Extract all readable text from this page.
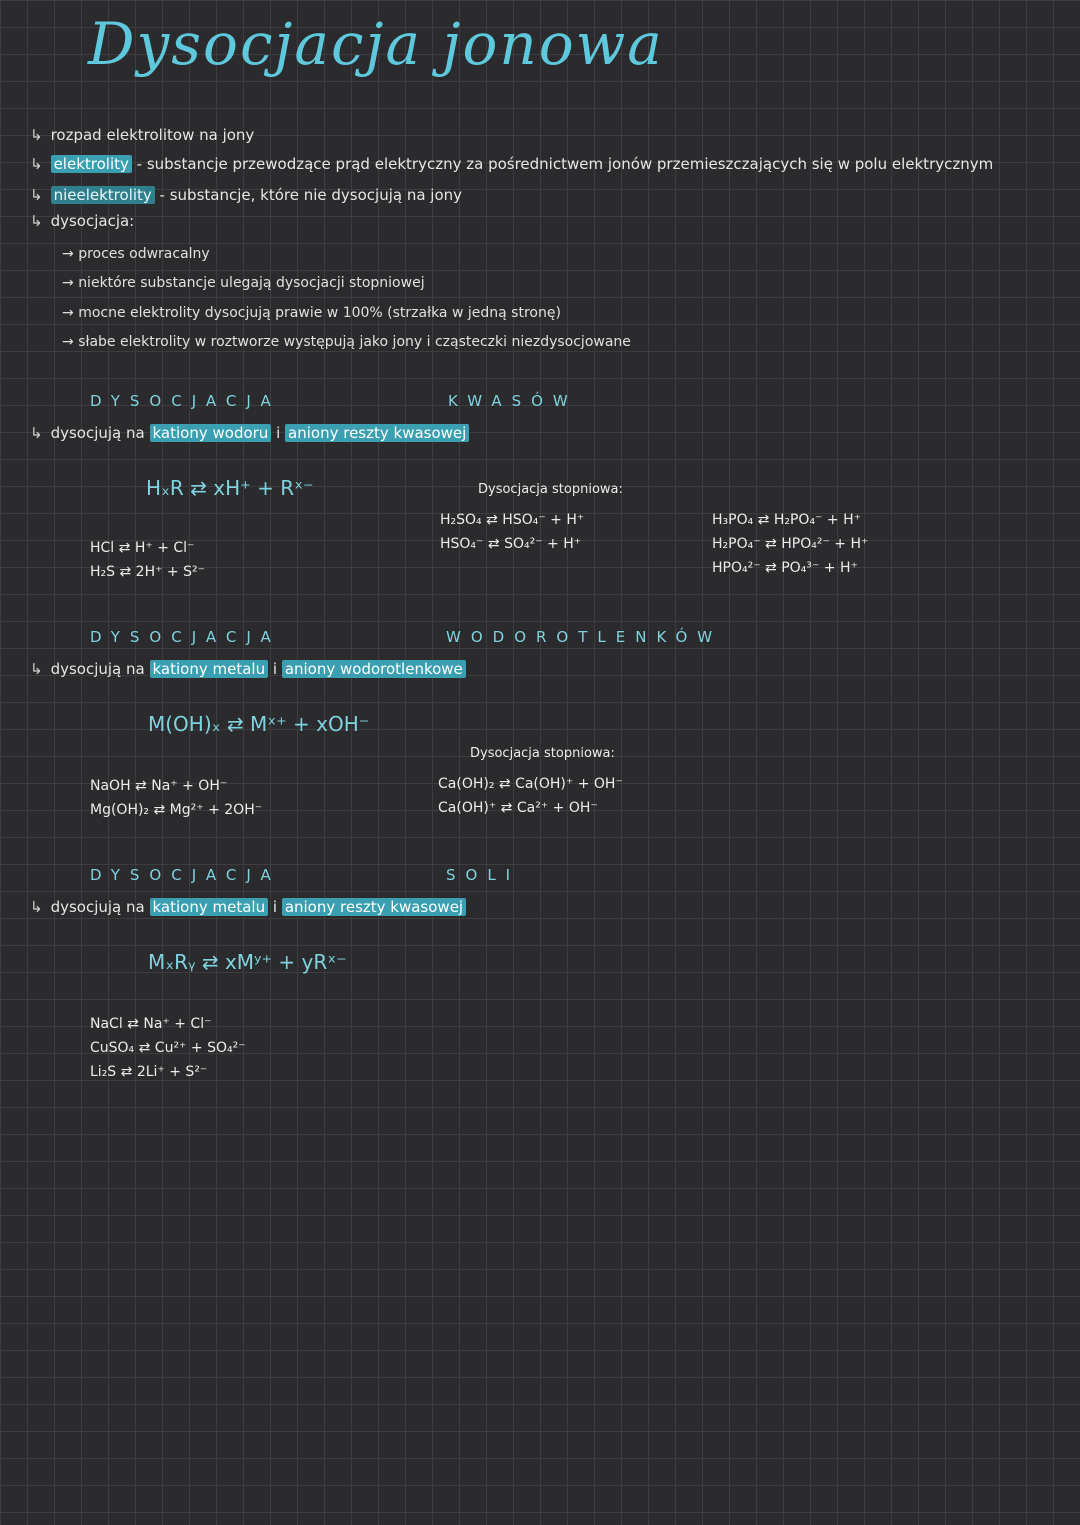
Dysocjacja jonowa
↳ rozpad elektrolitow na jony
↳ elektrolity - substancje przewodzące prąd elektryczny za pośrednictwem jonów przemieszczających się w polu elektrycznym
↳ nieelektrolity - substancje, które nie dysocjują na jony
↳ dysocjacja:
→ proces odwracalny
→ niektóre substancje ulegają dysocjacji stopniowej
→ mocne elektrolity dysocjują prawie w 100% (strzałka w jedną stronę)
→ słabe elektrolity w roztworze występują jako jony i cząsteczki niezdysocjowane
DYSOCJACJA	KWASÓW
↳ dysocjują na kationy wodoru i aniony reszty kwasowej
HₓR ⇄ xH⁺ + Rˣ⁻
HCl ⇄ H⁺ + Cl⁻
H₂S ⇄ 2H⁺ + S²⁻
Dysocjacja stopniowa:
H₂SO₄ ⇄ HSO₄⁻ + H⁺
HSO₄⁻ ⇄ SO₄²⁻ + H⁺
H₃PO₄ ⇄ H₂PO₄⁻ + H⁺
H₂PO₄⁻ ⇄ HPO₄²⁻ + H⁺
HPO₄²⁻ ⇄ PO₄³⁻ + H⁺
DYSOCJACJA	WODOROTLENKÓW
↳ dysocjują na kationy metalu i aniony wodorotlenkowe
M(OH)ₓ ⇄ Mˣ⁺ + xOH⁻
NaOH ⇄ Na⁺ + OH⁻
Mg(OH)₂ ⇄ Mg²⁺ + 2OH⁻
Dysocjacja stopniowa:
Ca(OH)₂ ⇄ Ca(OH)⁺ + OH⁻
Ca(OH)⁺ ⇄ Ca²⁺ + OH⁻
DYSOCJACJA	SOLI
↳ dysocjują na kationy metalu i aniony reszty kwasowej
MₓRᵧ ⇄ xMʸ⁺ + yRˣ⁻
NaCl ⇄ Na⁺ + Cl⁻
CuSO₄ ⇄ Cu²⁺ + SO₄²⁻
Li₂S ⇄ 2Li⁺ + S²⁻
